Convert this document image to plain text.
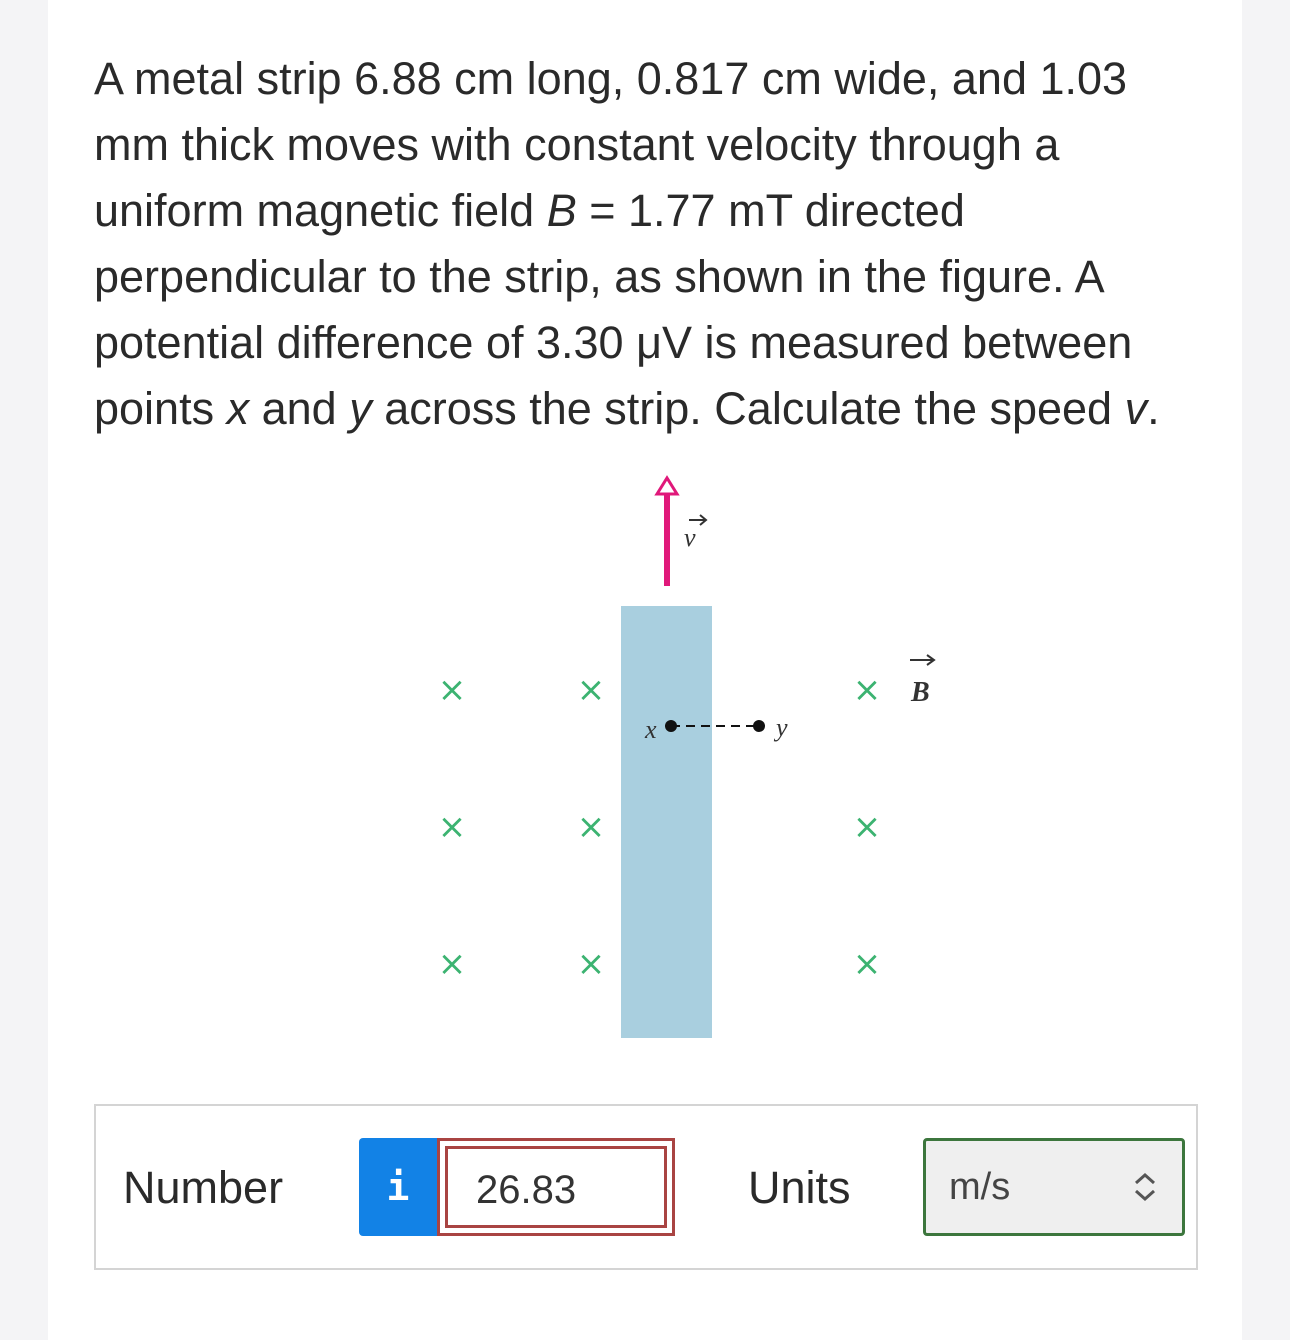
A metal strip 6.88 cm long, 0.817 cm wide, and 1.03 mm thick moves with constant velocity through a uniform magnetic field B = 1.77 mT directed perpendicular to the strip, as shown in the figure. A potential difference of 3.30 μV is measured between points x and y across the strip. Calculate the speed v.

v
x	y
×	×	×
×	×	×
×	×	×
B
Number	i	26.83	Units	m/s
